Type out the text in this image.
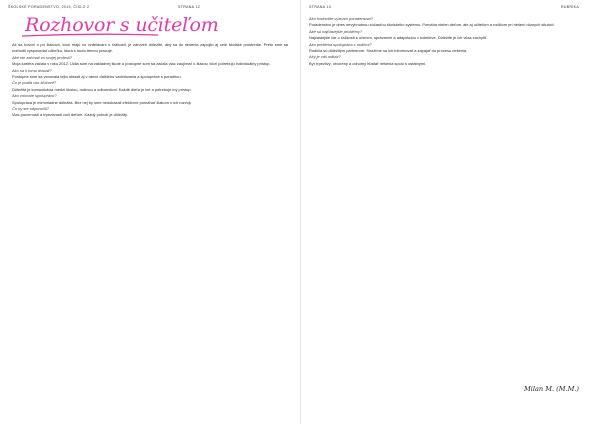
ŠKOLSKÉ PORADENSTVO, 2019, ČÍSLO 2	STRANA 12
Rozhovor s učiteľom

Ak sa hovorí o pri žiakoch, ktorí majú vo vzdelávaní s ťažkosti, je zároveň dôležité, aby sa do riešenia zapojilo aj celé školské prostredie. Preto sme sa rozhodli vyspovedať učiteľku, ktorá s touto témou pracuje.

Aké ste začínali vo svojej profesii?

Moja kariéra začala v roku 2012. Učila som na základnej škole a postupne som sa začala viac zaujímať o žiakov, ktorí potrebujú individuálny prístup.

Ako sa k tomu dostali?

Postupne som sa venovala tejto oblasti aj v rámci ďalšieho vzdelávania a spolupráce s poradňou.

Čo je podľa vás kľúčové?

Dôležitá je komunikácia medzi školou, rodinou a odborníkmi. Každé dieťa je iné a potrebuje iný prístup.

Ako vnímate spoluprácu?

Spolupráca je mimoriadne dôležitá. Bez nej by sme nedokázali efektívne pomáhať žiakom v ich rozvoji.

Čo by ste odporučili?

Viac pozornosti a trpezlivosti voči deťom. Každý pokrok je dôležitý.

STRANA 13	RUBRIKA

Ako hodnotíte význam poradenstva?

Poradenstvo je dnes nevyhnutnou súčasťou školského systému. Pomáha nielen deťom, ale aj učiteľom a rodičom pri riešení rôznych situácií.

Aké sú najčastejšie problémy?

Najčastejšie ide o ťažkosti s učením, správaním a adaptáciou v kolektíve. Dôležité je ich včas zachytiť.

Ako prebieha spolupráca s rodičmi?

Rodičia sú dôležitým partnerom. Snažíme sa ich informovať a zapájať do procesu riešenia.

Aký je váš odkaz?

Byť trpezlivý, otvorený a ochotný hľadať riešenia spolu s ostatnými.

Milan M. (M.M.)
